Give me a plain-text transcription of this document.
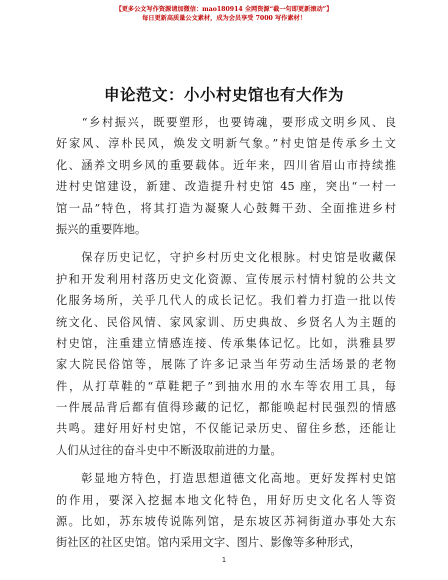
【更多公文写作资源请加微信：mao180914 全网资源“截一句即更新滚动”】
每日更新高质量公文素材，成为会员享受 7000 写作素材！
申论范文：小小村史馆也有大作为
　　“乡村振兴，既要塑形，也要铸魂，要形成文明乡风、良
好家风、淳朴民风，焕发文明新气象。”村史馆是传承乡土文
化、涵养文明乡风的重要载体。近年来，四川省眉山市持续推
进村史馆建设，新建、改造提升村史馆 45 座，突出“一村一
馆一品”特色，将其打造为凝聚人心鼓舞干劲、全面推进乡村
振兴的重要阵地。
　　保存历史记忆，守护乡村历史文化根脉。村史馆是收藏保
护和开发利用村落历史文化资源、宣传展示村情村貌的公共文
化服务场所，关乎几代人的成长记忆。我们着力打造一批以传
统文化、民俗风情、家风家训、历史典故、乡贤名人为主题的
村史馆，注重建立情感连接、传承集体记忆。比如，洪雅县罗
家大院民俗馆等，展陈了许多记录当年劳动生活场景的老物
件，从打草鞋的“草鞋耙子”到抽水用的水车等农用工具，每
一件展品背后都有值得珍藏的记忆，都能唤起村民强烈的情感
共鸣。建好用好村史馆，不仅能记录历史、留住乡愁，还能让
人们从过往的奋斗史中不断汲取前进的力量。
　　彰显地方特色，打造思想道德文化高地。更好发挥村史馆
的作用，要深入挖掘本地文化特色，用好历史文化名人等资
源。比如，苏东坡传说陈列馆，是东坡区苏祠街道办事处大东
街社区的社区史馆。馆内采用文字、图片、影像等多种形式，
1
